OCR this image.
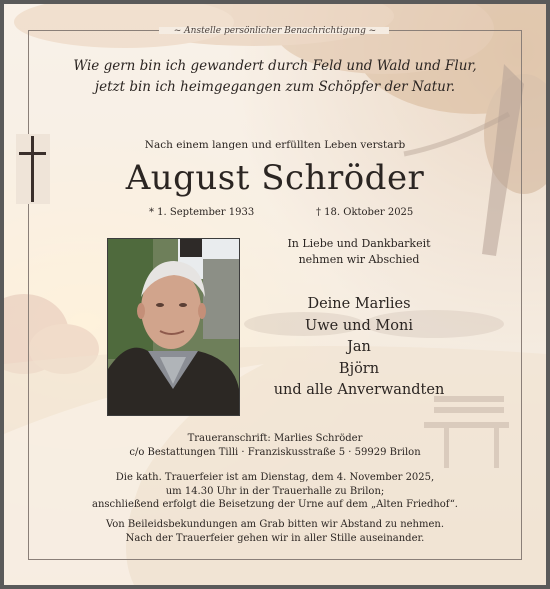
~ Anstelle persönlicher Benachrichtigung ~
Wie gern bin ich gewandert durch Feld und Wald und Flur,
jetzt bin ich heimgegangen zum Schöpfer der Natur.
Nach einem langen und erfüllten Leben verstarb
August Schröder
* 1. September 1933	† 18. Oktober 2025
In Liebe und Dankbarkeit
nehmen wir Abschied
Deine Marlies
Uwe und Moni
Jan
Björn
und alle Anverwandten
Traueranschrift: Marlies Schröder
c/o Bestattungen Tilli · Franziskusstraße 5 · 59929 Brilon
Die kath. Trauerfeier ist am Dienstag, dem 4. November 2025,
um 14.30 Uhr in der Trauerhalle zu Brilon;
anschließend erfolgt die Beisetzung der Urne auf dem „Alten Friedhof“.
Von Beileidsbekundungen am Grab bitten wir Abstand zu nehmen.
Nach der Trauerfeier gehen wir in aller Stille auseinander.
